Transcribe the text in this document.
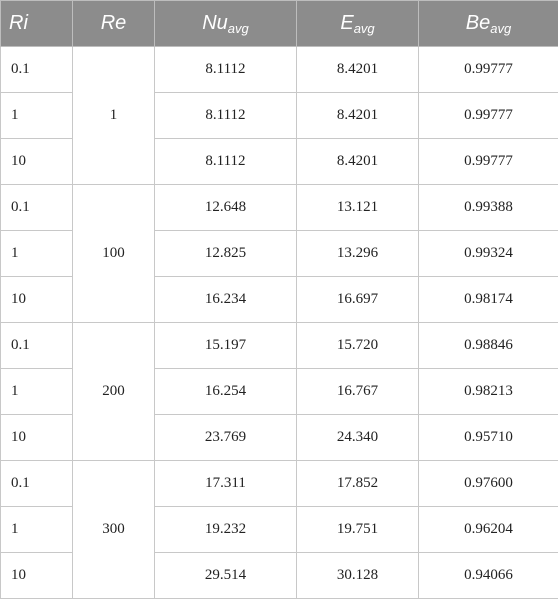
Ri	Re	$Nu_{avg}$	$E_{avg}$	$Be_{avg}$
0.1	1	8.1112	8.4201	0.99777
1		8.1112	8.4201	0.99777
10		8.1112	8.4201	0.99777
0.1	100	12.648	13.121	0.99388
1		12.825	13.296	0.99324
10		16.234	16.697	0.98174
0.1	200	15.197	15.720	0.98846
1		16.254	16.767	0.98213
10		23.769	24.340	0.95710
0.1	300	17.311	17.852	0.97600
1		19.232	19.751	0.96204
10		29.514	30.128	0.94066
